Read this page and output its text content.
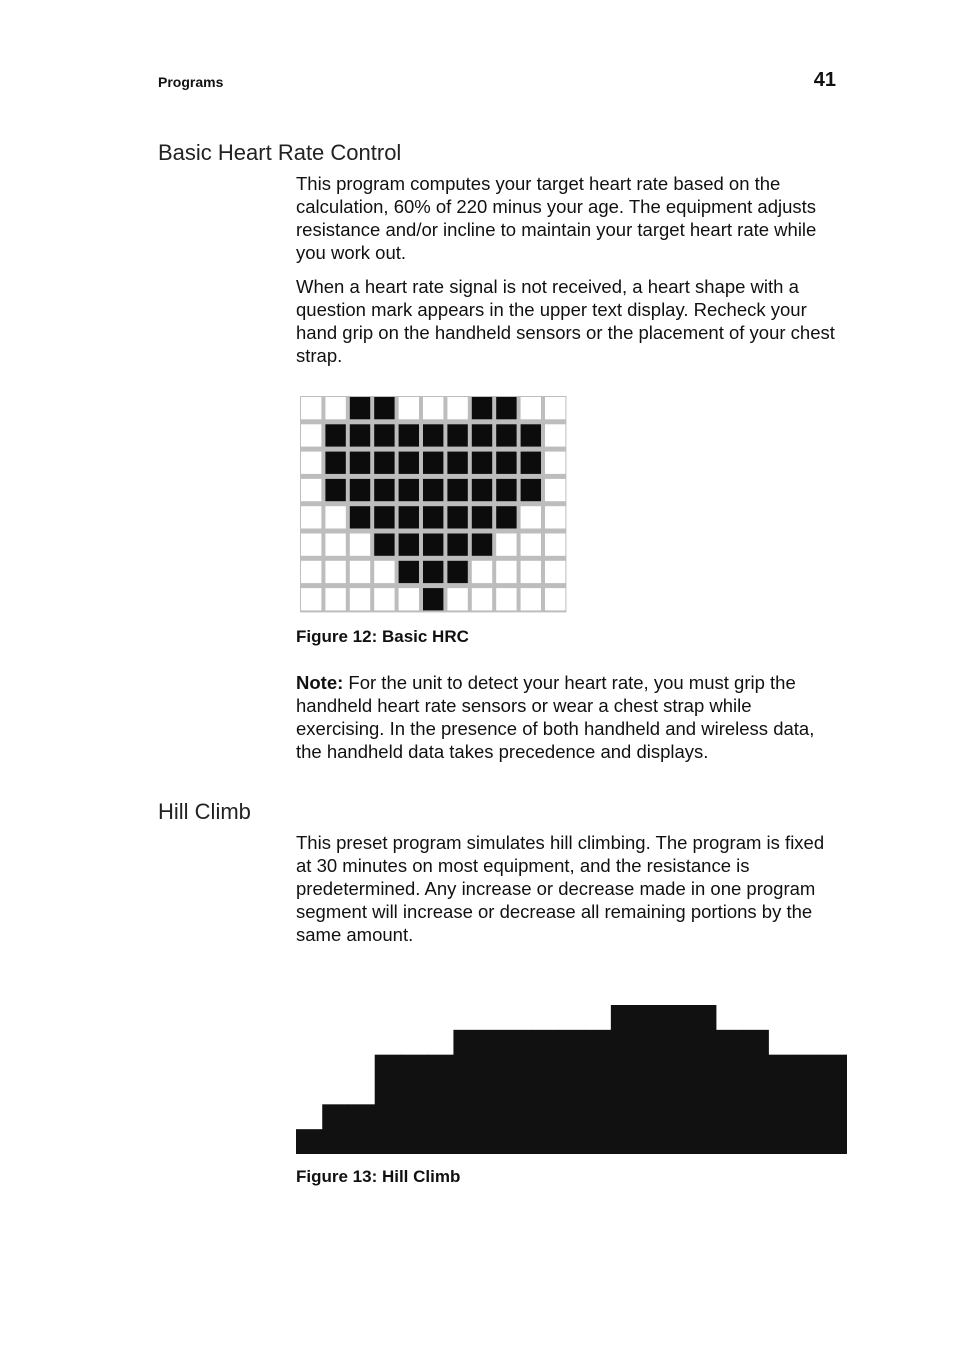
Programs	41
Basic Heart Rate Control

This program computes your target heart rate based on the calculation, 60% of 220 minus your age. The equipment adjusts resistance and/or incline to maintain your target heart rate while you work out.

When a heart rate signal is not received, a heart shape with a question mark appears in the upper text display. Recheck your hand grip on the handheld sensors or the placement of your chest strap.

Figure 12: Basic HRC

Note: For the unit to detect your heart rate, you must grip the handheld heart rate sensors or wear a chest strap while exercising. In the presence of both handheld and wireless data, the handheld data takes precedence and displays.

Hill Climb

This preset program simulates hill climbing. The program is fixed at 30 minutes on most equipment, and the resistance is predetermined. Any increase or decrease made in one program segment will increase or decrease all remaining portions by the same amount.

Figure 13: Hill Climb
